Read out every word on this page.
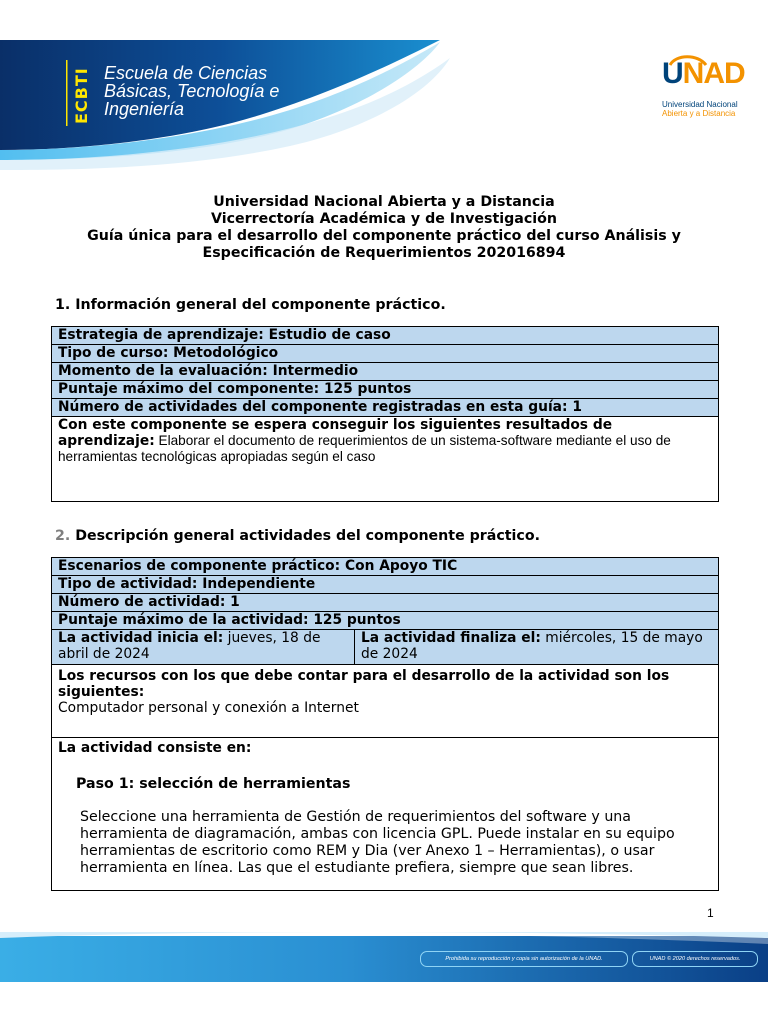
ECBTI Escuela de Ciencias
Básicas, Tecnología e
Ingeniería
UNAD
Universidad Nacional
Abierta y a Distancia
Universidad Nacional Abierta y a Distancia
Vicerrectoría Académica y de Investigación
Guía única para el desarrollo del componente práctico del curso Análisis y
Especificación de Requerimientos 202016894
1. Información general del componente práctico.
Estrategia de aprendizaje: Estudio de caso
Tipo de curso: Metodológico
Momento de la evaluación: Intermedio
Puntaje máximo del componente: 125 puntos
Número de actividades del componente registradas en esta guía: 1

Con este componente se espera conseguir los siguientes resultados de
aprendizaje: Elaborar el documento de requerimientos de un sistema-software mediante el uso de herramientas tecnológicas apropiadas según el caso
2. Descripción general actividades del componente práctico.
Escenarios de componente práctico: Con Apoyo TIC
Tipo de actividad: Independiente
Número de actividad: 1
Puntaje máximo de la actividad: 125 puntos
La actividad inicia el: jueves, 18 de abril de 2024	La actividad finaliza el: miércoles, 15 de mayo de 2024

Los recursos con los que debe contar para el desarrollo de la actividad son los siguientes:
Computador personal y conexión a Internet

La actividad consiste en:
Paso 1: selección de herramientas
Seleccione una herramienta de Gestión de requerimientos del software y una herramienta de diagramación, ambas con licencia GPL. Puede instalar en su equipo herramientas de escritorio como REM y Dia (ver Anexo 1 – Herramientas), o usar herramienta en línea. Las que el estudiante prefiera, siempre que sean libres.
1
Prohibida su reproducción y copia sin autorización de la UNAD.	UNAD © 2020 derechos reservados.
